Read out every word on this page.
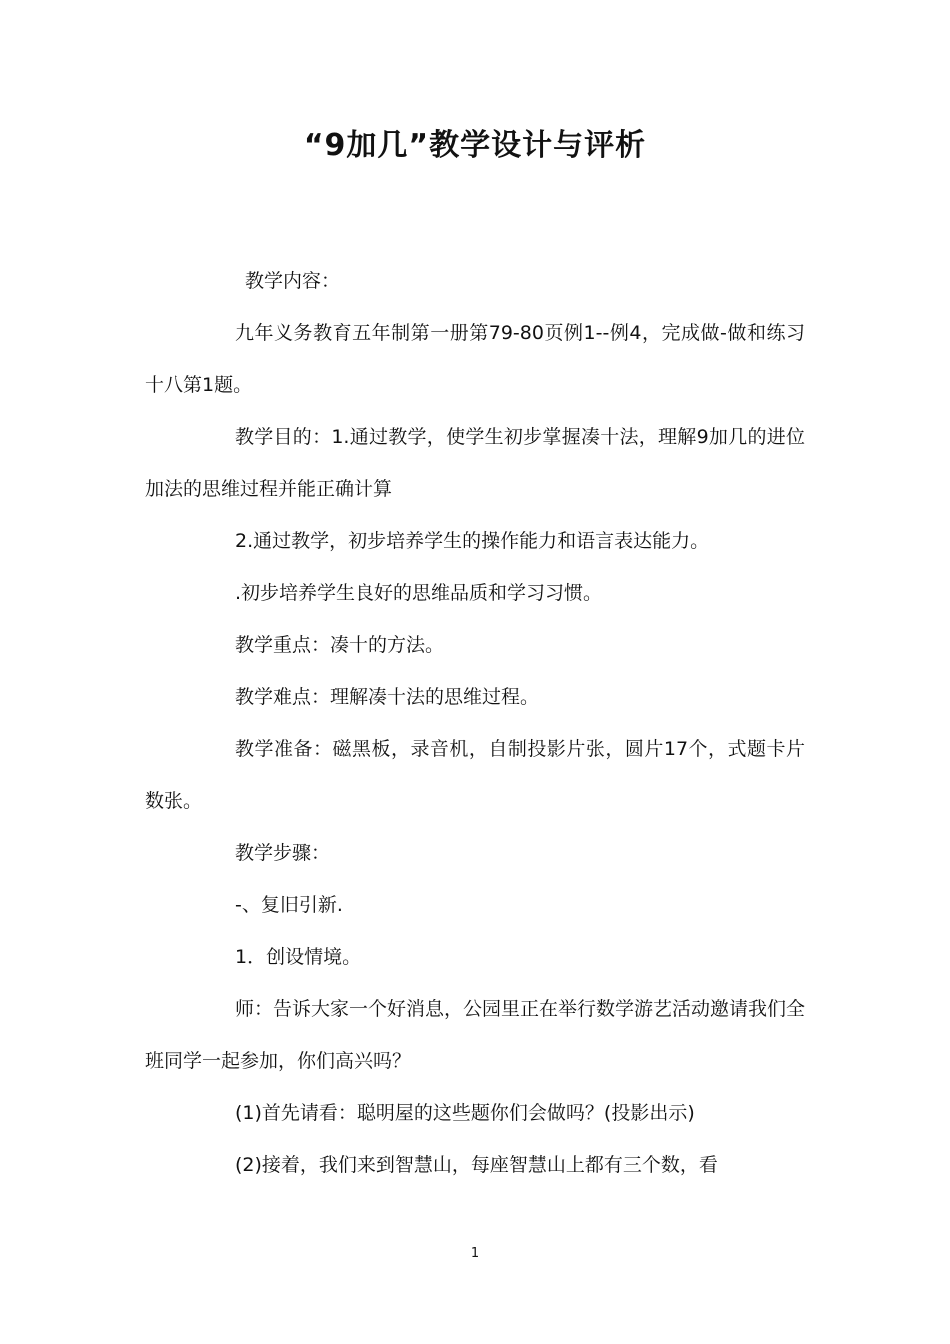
“9加几”教学设计与评析

教学内容：

九年义务教育五年制第一册第79-80页例1--例4，完成做-做和练习十八第1题。

教学目的：1.通过教学，使学生初步掌握凑十法，理解9加几的进位加法的思维过程并能正确计算

2.通过教学，初步培养学生的操作能力和语言表达能力。

.初步培养学生良好的思维品质和学习习惯。

教学重点：凑十的方法。

教学难点：理解凑十法的思维过程。

教学准备：磁黑板，录音机，自制投影片张，圆片17个，式题卡片数张。

教学步骤：

-、复旧引新.

1．创设情境。

师：告诉大家一个好消息，公园里正在举行数学游艺活动邀请我们全班同学一起参加，你们高兴吗？

(1)首先请看：聪明屋的这些题你们会做吗？(投影出示)

(2)接着，我们来到智慧山，每座智慧山上都有三个数，看

1
